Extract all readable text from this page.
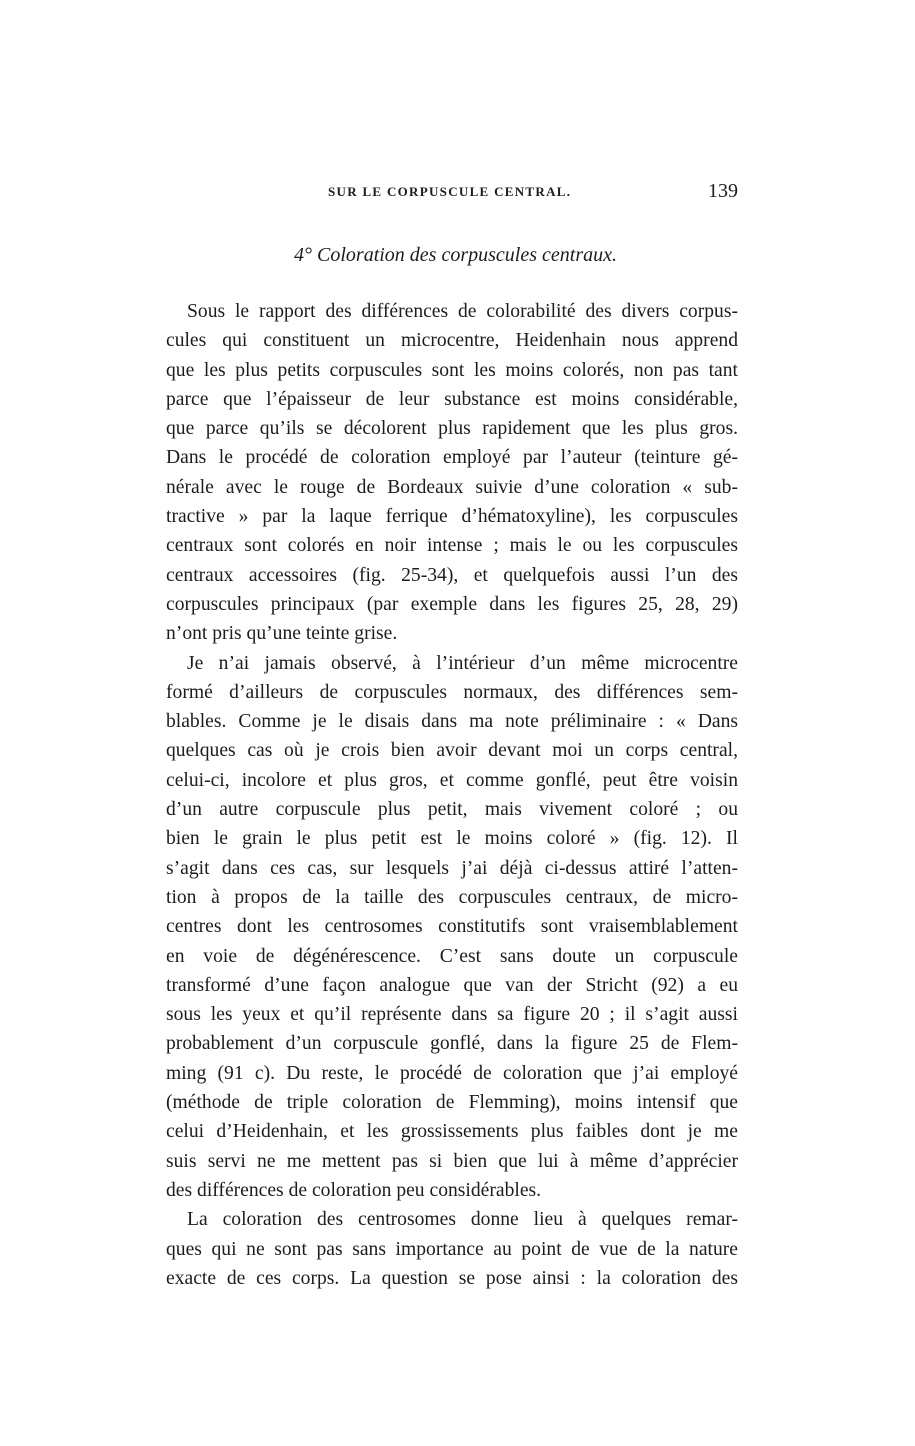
SUR LE CORPUSCULE CENTRAL.	139
4° Coloration des corpuscules centraux.
Sous le rapport des différences de colorabilité des divers corpus-
cules qui constituent un microcentre, Heidenhain nous apprend
que les plus petits corpuscules sont les moins colorés, non pas tant
parce que l’épaisseur de leur substance est moins considérable,
que parce qu’ils se décolorent plus rapidement que les plus gros.
Dans le procédé de coloration employé par l’auteur (teinture gé-
nérale avec le rouge de Bordeaux suivie d’une coloration « sub-
tractive » par la laque ferrique d’hématoxyline), les corpuscules
centraux sont colorés en noir intense ; mais le ou les corpuscules
centraux accessoires (fig. 25-34), et quelquefois aussi l’un des
corpuscules principaux (par exemple dans les figures 25, 28, 29)
n’ont pris qu’une teinte grise.
Je n’ai jamais observé, à l’intérieur d’un même microcentre
formé d’ailleurs de corpuscules normaux, des différences sem-
blables. Comme je le disais dans ma note préliminaire : « Dans
quelques cas où je crois bien avoir devant moi un corps central,
celui-ci, incolore et plus gros, et comme gonflé, peut être voisin
d’un autre corpuscule plus petit, mais vivement coloré ; ou
bien le grain le plus petit est le moins coloré » (fig. 12). Il
s’agit dans ces cas, sur lesquels j’ai déjà ci-dessus attiré l’atten-
tion à propos de la taille des corpuscules centraux, de micro-
centres dont les centrosomes constitutifs sont vraisemblablement
en voie de dégénérescence. C’est sans doute un corpuscule
transformé d’une façon analogue que van der Stricht (92) a eu
sous les yeux et qu’il représente dans sa figure 20 ; il s’agit aussi
probablement d’un corpuscule gonflé, dans la figure 25 de Flem-
ming (91 c). Du reste, le procédé de coloration que j’ai employé
(méthode de triple coloration de Flemming), moins intensif que
celui d’Heidenhain, et les grossissements plus faibles dont je me
suis servi ne me mettent pas si bien que lui à même d’apprécier
des différences de coloration peu considérables.
La coloration des centrosomes donne lieu à quelques remar-
ques qui ne sont pas sans importance au point de vue de la nature
exacte de ces corps. La question se pose ainsi : la coloration des
